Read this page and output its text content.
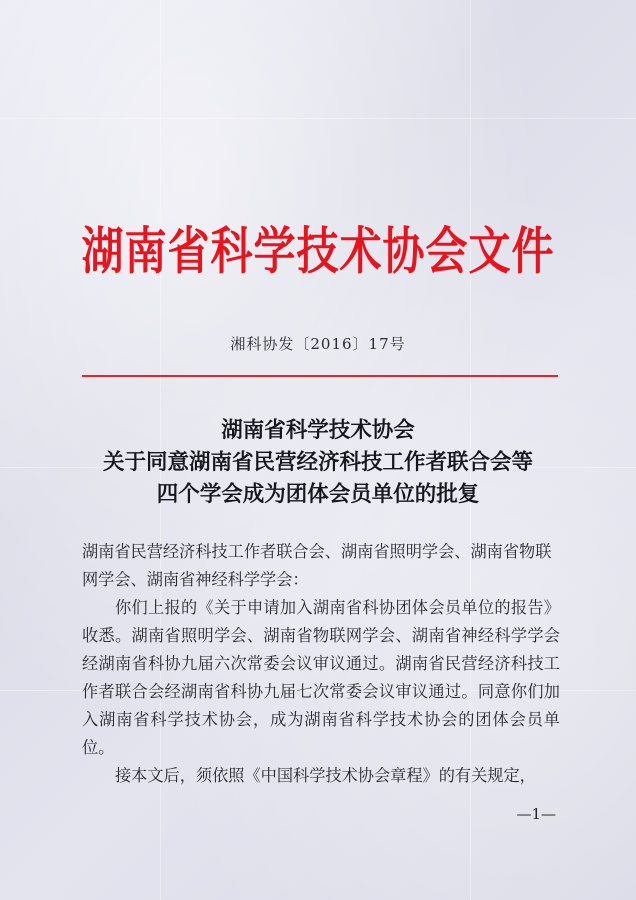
湖南省科学技术协会文件
湘科协发〔2016〕17号
湖南省科学技术协会
关于同意湖南省民营经济科技工作者联合会等
四个学会成为团体会员单位的批复
湖南省民营经济科技工作者联合会、湖南省照明学会、湖南省物联网学会、湖南省神经科学学会：

你们上报的《关于申请加入湖南省科协团体会员单位的报告》收悉。湖南省照明学会、湖南省物联网学会、湖南省神经科学学会经湖南省科协九届六次常委会议审议通过。湖南省民营经济科技工作者联合会经湖南省科协九届七次常委会议审议通过。同意你们加入湖南省科学技术协会，成为湖南省科学技术协会的团体会员单位。

接本文后，须依照《中国科学技术协会章程》的有关规定，

—1—
